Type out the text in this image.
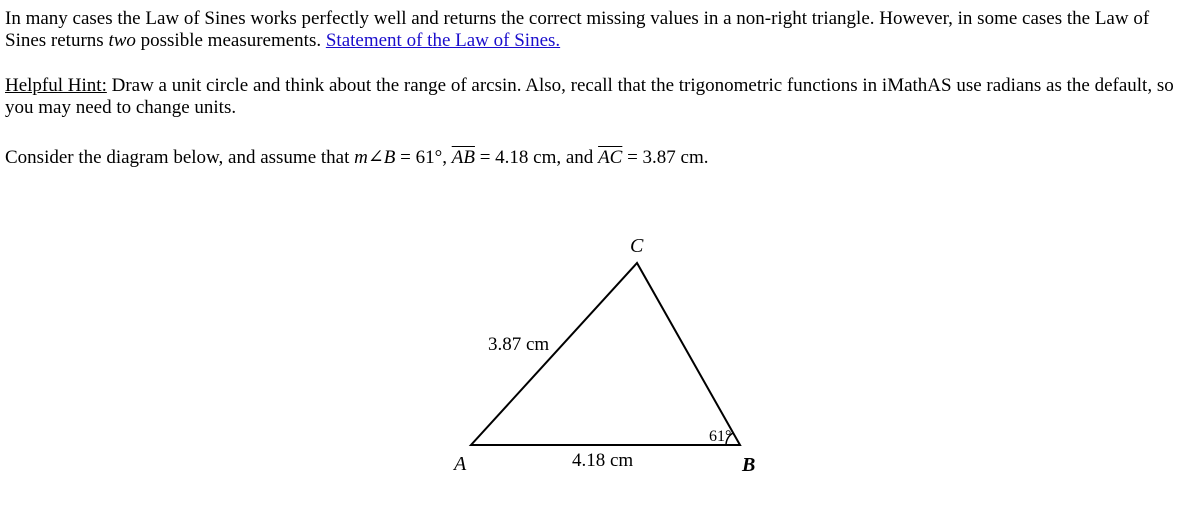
In many cases the Law of Sines works perfectly well and returns the correct missing values in a non-right triangle. However, in some cases the Law of Sines returns two possible measurements. Statement of the Law of Sines.

Helpful Hint: Draw a unit circle and think about the range of arcsin. Also, recall that the trigonometric functions in iMathAS use radians as the default, so you may need to change units.

Consider the diagram below, and assume that m∠B = 61°, $\overline{AB} = 4.18$ cm, and $\overline{AC} = 3.87$ cm.

A	B
C
3.87 cm
4.18 cm
61°
